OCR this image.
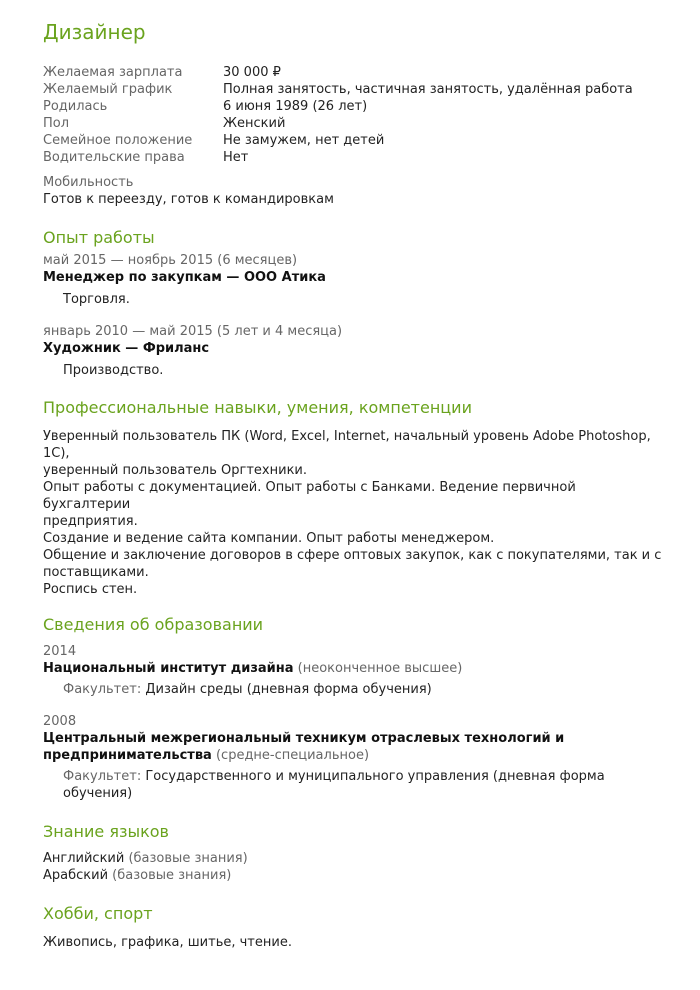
Дизайнер
Желаемая зарплата	30 000 ₽
Желаемый график	Полная занятость, частичная занятость, удалённая работа
Родилась	6 июня 1989 (26 лет)
Пол	Женский
Семейное положение	Не замужем, нет детей
Водительские права	Нет
Мобильность
Готов к переезду, готов к командировкам
Опыт работы
май 2015 — ноябрь 2015 (6 месяцев)
Менеджер по закупкам — ООО Атика
Торговля.
январь 2010 — май 2015 (5 лет и 4 месяца)
Художник — Фриланс
Производство.
Профессиональные навыки, умения, компетенции
Уверенный пользователь ПК (Word, Excel, Internet, начальный уровень Adobe Photoshop, 1С),
уверенный пользователь Оргтехники.
Опыт работы с документацией. Опыт работы с Банками. Ведение первичной бухгалтерии
предприятия.
Создание и ведение сайта компании. Опыт работы менеджером.
Общение и заключение договоров в сфере оптовых закупок, как с покупателями, так и с
поставщиками.
Роспись стен.
Сведения об образовании
2014
Национальный институт дизайна (неоконченное высшее)
Факультет: Дизайн среды (дневная форма обучения)
2008
Центральный межрегиональный техникум отраслевых технологий и
предпринимательства (средне-специальное)
Факультет: Государственного и муниципального управления (дневная форма обучения)
Знание языков
Английский (базовые знания)
Арабский (базовые знания)
Хобби, спорт
Живопись, графика, шитье, чтение.
